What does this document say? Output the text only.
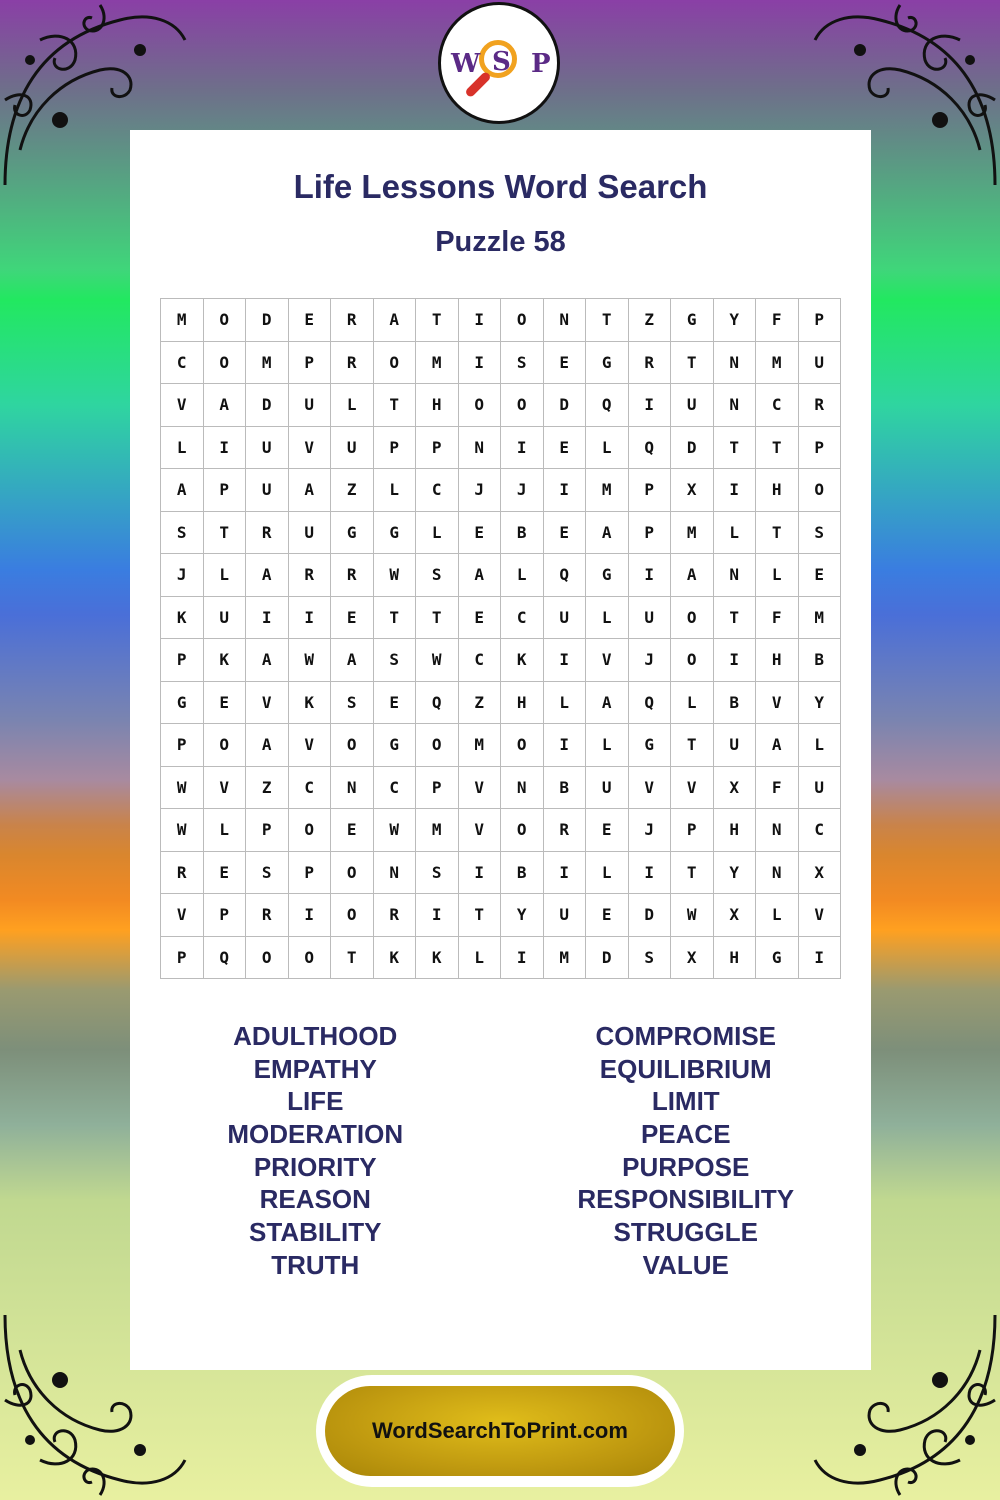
W S P
Life Lessons Word Search
Puzzle 58
M	O	D	E	R	A	T	I	O	N	T	Z	G	Y	F	P
C	O	M	P	R	O	M	I	S	E	G	R	T	N	M	U
V	A	D	U	L	T	H	O	O	D	Q	I	U	N	C	R
L	I	U	V	U	P	P	N	I	E	L	Q	D	T	T	P
A	P	U	A	Z	L	C	J	J	I	M	P	X	I	H	O
S	T	R	U	G	G	L	E	B	E	A	P	M	L	T	S
J	L	A	R	R	W	S	A	L	Q	G	I	A	N	L	E
K	U	I	I	E	T	T	E	C	U	L	U	O	T	F	M
P	K	A	W	A	S	W	C	K	I	V	J	O	I	H	B
G	E	V	K	S	E	Q	Z	H	L	A	Q	L	B	V	Y
P	O	A	V	O	G	O	M	O	I	L	G	T	U	A	L
W	V	Z	C	N	C	P	V	N	B	U	V	V	X	F	U
W	L	P	O	E	W	M	V	O	R	E	J	P	H	N	C
R	E	S	P	O	N	S	I	B	I	L	I	T	Y	N	X
V	P	R	I	O	R	I	T	Y	U	E	D	W	X	L	V
P	Q	O	O	T	K	K	L	I	M	D	S	X	H	G	I
ADULTHOOD
EMPATHY
LIFE
MODERATION
PRIORITY
REASON
STABILITY
TRUTH
COMPROMISE
EQUILIBRIUM
LIMIT
PEACE
PURPOSE
RESPONSIBILITY
STRUGGLE
VALUE
WordSearchToPrint.com
